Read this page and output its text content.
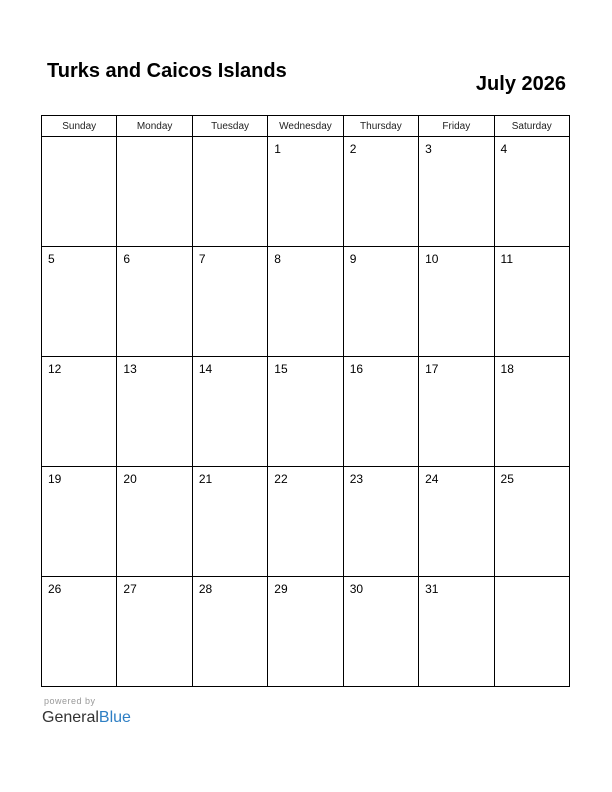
Turks and Caicos Islands
July 2026
Sunday	Monday	Tuesday	Wednesday	Thursday	Friday	Saturday

			1	2	3	4

5	6	7	8	9	10	11

12	13	14	15	16	17	18

19	20	21	22	23	24	25

26	27	28	29	30	31	

powered by
GeneralBlue
